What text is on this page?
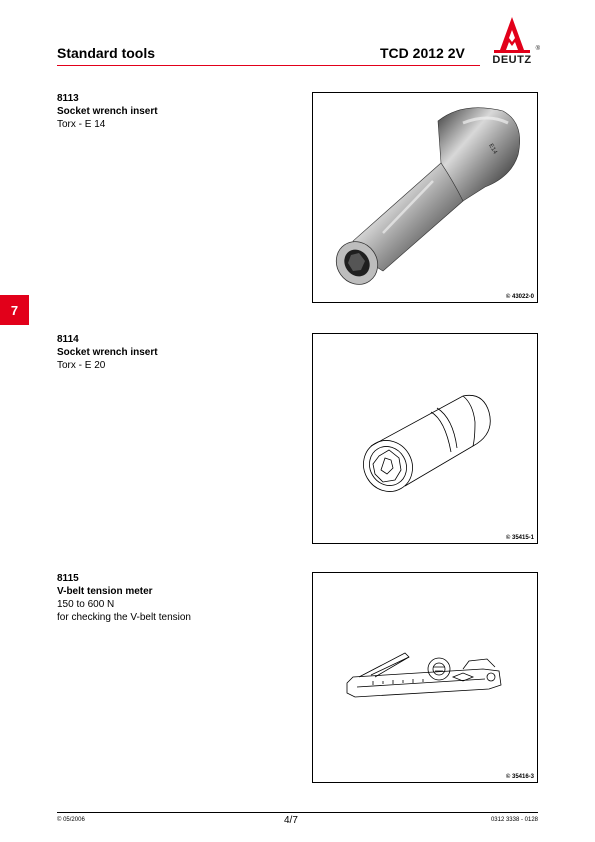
Standard tools	TCD 2012 2V	®
DEUTZ
7
8113
Socket wrench insert
Torx - E 14
E14
© 43022-0
8114
Socket wrench insert
Torx - E 20
© 35415-1
8115
V-belt tension meter
150 to 600 N
for checking the V-belt tension
© 35416-3
© 05/2006	4/7	0312 3338 - 0128
